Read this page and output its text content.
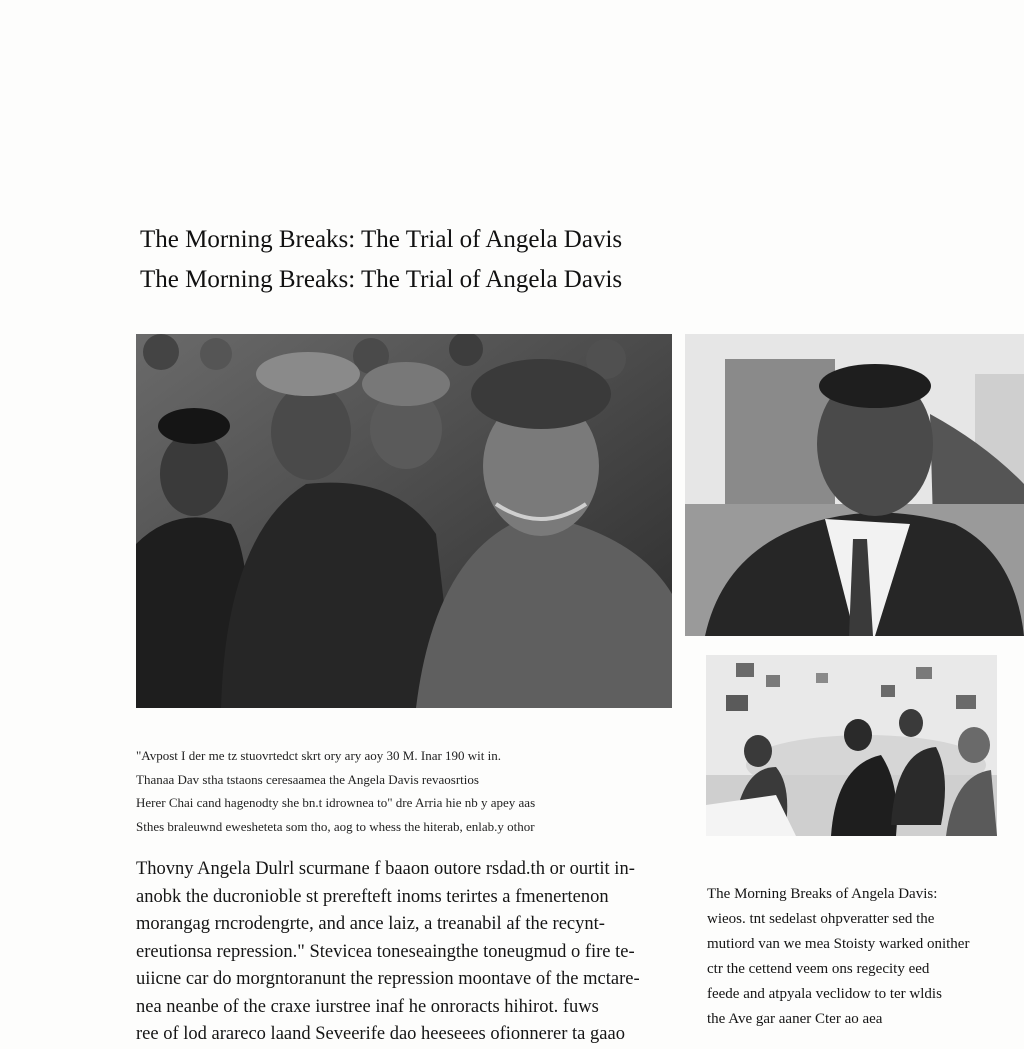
The Morning Breaks: The Trial of Angela Davis
The Morning Breaks: The Trial of Angela Davis
"Avpost I der me tz stuovrtedct skrt ory ary aoy 30 M. Inar 190 wit in.
Thanaa Dav stha tstaons ceresaamea the Angela Davis revaosrtios
Herer Chai cand hagenodty she bn.t idrownea to" dre Arria hie nb y apey aas
Sthes braleuwnd ewesheteta som tho, aog to whess the hiterab, enlab.y othor
Thovny Angela Dulrl scurmane f baaon outore rsdad.th or ourtit in-
anobk the ducronioble st prerefteft inoms terirtes a fmenertenon
morangag rncrodengrte, and ance laiz, a treanabil af the recynt-
ereutionsa repression." Stevicea toneseaingthe toneugmud o fire te-
uiicne car do morgntoranunt the repression moontave of the mctare-
nea neanbe of the craxe iurstree inaf he onroracts hihirot. fuws
ree of lod arareco laand Seveerife dao heeseees ofionnerer ta gaao
The Morning Breaks of Angela Davis:
wieos. tnt sedelast ohpveratter sed the
mutiord van we mea Stoisty warked onither
ctr the cettend veem ons regecity eed
feede and atpyala veclidow to ter wldis
the Ave gar aaner Cter ao aea
